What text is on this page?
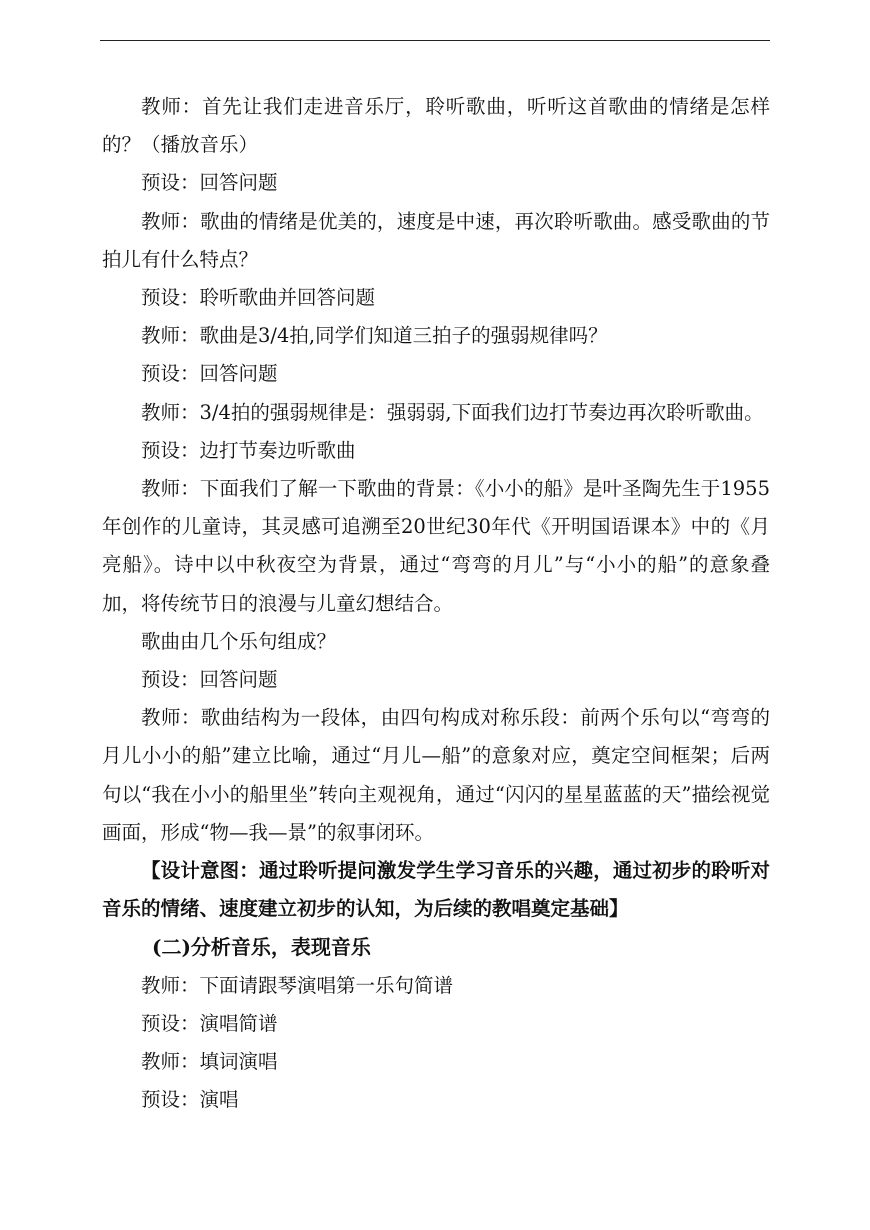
教师：首先让我们走进音乐厅，聆听歌曲，听听这首歌曲的情绪是怎样的？（播放音乐）

预设：回答问题

教师：歌曲的情绪是优美的，速度是中速，再次聆听歌曲。感受歌曲的节拍儿有什么特点？

预设：聆听歌曲并回答问题

教师：歌曲是3/4拍,同学们知道三拍子的强弱规律吗？

预设：回答问题

教师：3/4拍的强弱规律是：强弱弱,下面我们边打节奏边再次聆听歌曲。

预设：边打节奏边听歌曲

教师：下面我们了解一下歌曲的背景：《小小的船》是叶圣陶先生于1955年创作的儿童诗，其灵感可追溯至20世纪30年代《开明国语课本》中的《月亮船》。诗中以中秋夜空为背景，通过“弯弯的月儿”与“小小的船”的意象叠加，将传统节日的浪漫与儿童幻想结合。

歌曲由几个乐句组成？

预设：回答问题

教师：歌曲结构为一段体，由四句构成对称乐段：前两个乐句以“弯弯的月儿小小的船”建立比喻，通过“月儿—船”的意象对应，奠定空间框架；后两句以“我在小小的船里坐”转向主观视角，通过“闪闪的星星蓝蓝的天”描绘视觉画面，形成“物—我—景”的叙事闭环。

【设计意图：通过聆听提问激发学生学习音乐的兴趣，通过初步的聆听对音乐的情绪、速度建立初步的认知，为后续的教唱奠定基础】

(二)分析音乐，表现音乐

教师：下面请跟琴演唱第一乐句简谱

预设：演唱简谱

教师：填词演唱

预设：演唱
